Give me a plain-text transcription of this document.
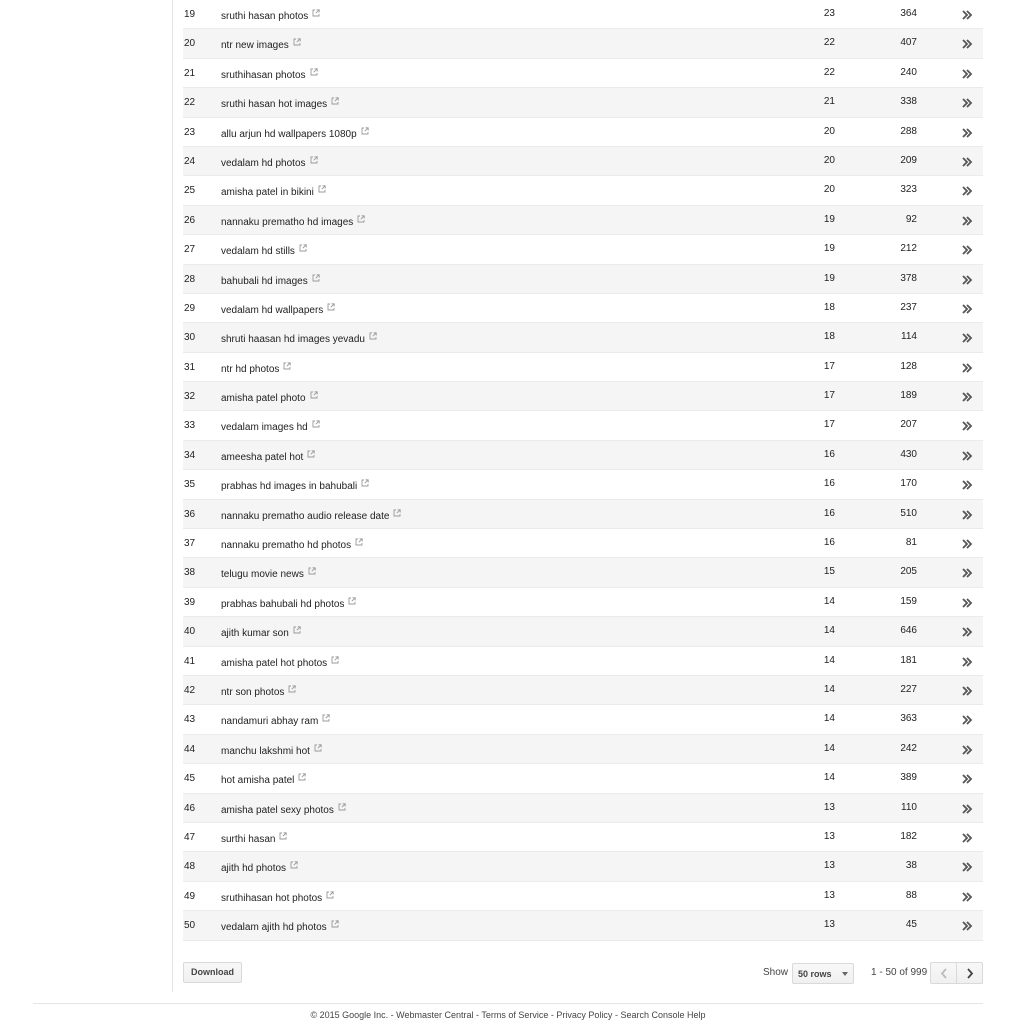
19	sruthi hasan photos	23	364
20	ntr new images	22	407
21	sruthihasan photos	22	240
22	sruthi hasan hot images	21	338
23	allu arjun hd wallpapers 1080p	20	288
24	vedalam hd photos	20	209
25	amisha patel in bikini	20	323
26	nannaku prematho hd images	19	92
27	vedalam hd stills	19	212
28	bahubali hd images	19	378
29	vedalam hd wallpapers	18	237
30	shruti haasan hd images yevadu	18	114
31	ntr hd photos	17	128
32	amisha patel photo	17	189
33	vedalam images hd	17	207
34	ameesha patel hot	16	430
35	prabhas hd images in bahubali	16	170
36	nannaku prematho audio release date	16	510
37	nannaku prematho hd photos	16	81
38	telugu movie news	15	205
39	prabhas bahubali hd photos	14	159
40	ajith kumar son	14	646
41	amisha patel hot photos	14	181
42	ntr son photos	14	227
43	nandamuri abhay ram	14	363
44	manchu lakshmi hot	14	242
45	hot amisha patel	14	389
46	amisha patel sexy photos	13	110
47	surthi hasan	13	182
48	ajith hd photos	13	38
49	sruthihasan hot photos	13	88
50	vedalam ajith hd photos	13	45
Download	Show 50 rows	1 - 50 of 999
© 2015 Google Inc. - Webmaster Central - Terms of Service - Privacy Policy - Search Console Help
